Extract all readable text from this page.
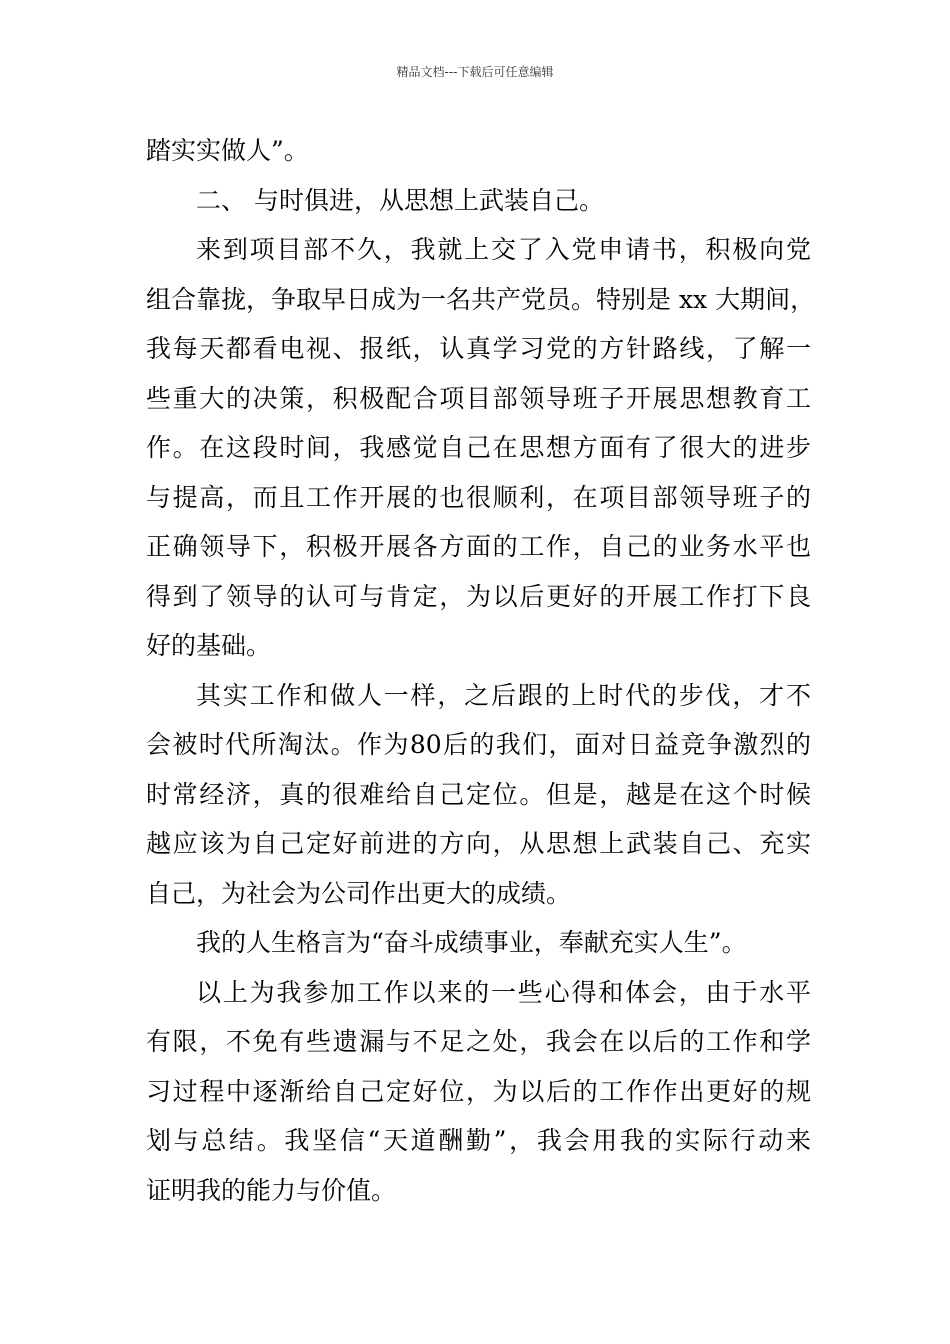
精品文档---下载后可任意编辑
踏实实做人”。
二、 与时俱进，从思想上武装自己。
来到项目部不久，我就上交了入党申请书，积极向党
组合靠拢，争取早日成为一名共产党员。特别是 xx 大期间，
我每天都看电视、报纸，认真学习党的方针路线，了解一
些重大的决策，积极配合项目部领导班子开展思想教育工
作。在这段时间，我感觉自己在思想方面有了很大的进步
与提高，而且工作开展的也很顺利，在项目部领导班子的
正确领导下，积极开展各方面的工作，自己的业务水平也
得到了领导的认可与肯定，为以后更好的开展工作打下良
好的基础。
其实工作和做人一样，之后跟的上时代的步伐，才不
会被时代所淘汰。作为80后的我们，面对日益竞争激烈的
时常经济，真的很难给自己定位。但是，越是在这个时候
越应该为自己定好前进的方向，从思想上武装自己、充实
自己，为社会为公司作出更大的成绩。
我的人生格言为“奋斗成绩事业，奉献充实人生”。
以上为我参加工作以来的一些心得和体会，由于水平
有限，不免有些遗漏与不足之处，我会在以后的工作和学
习过程中逐渐给自己定好位，为以后的工作作出更好的规
划与总结。我坚信“天道酬勤”，我会用我的实际行动来
证明我的能力与价值。
